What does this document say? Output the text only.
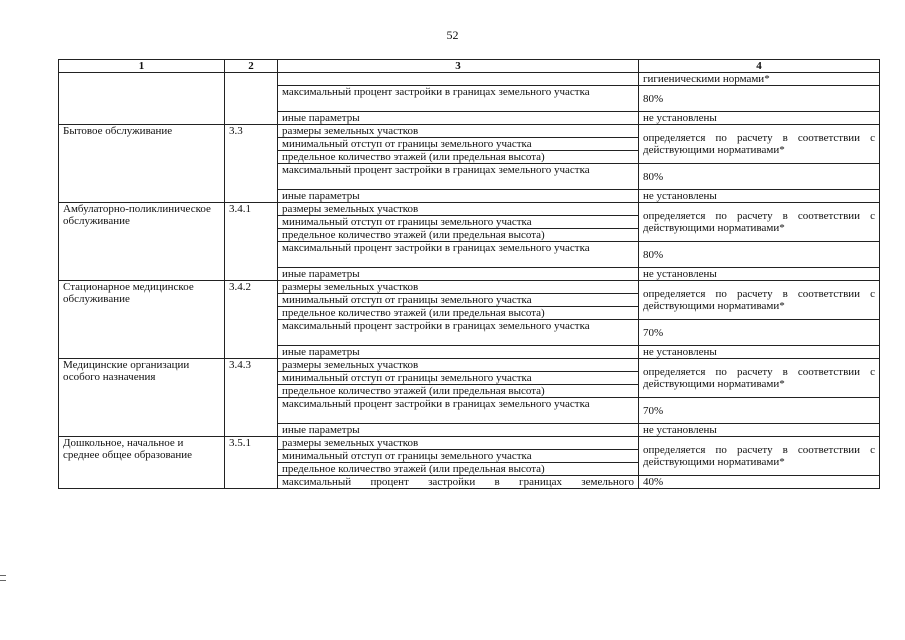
52
1	2	3	4
			гигиеническими нормами*
		максимальный процент застройки в границах земельного участка	80%
		иные параметры	не установлены
Бытовое обслуживание	3.3	размеры земельных участков	определяется по расчету в соответствии с действующими нормативами*
		минимальный отступ от границы земельного участка	
		предельное количество этажей (или предельная высота)	
		максимальный процент застройки в границах земельного участка	80%
		иные параметры	не установлены
Амбулаторно-поликлиническое обслуживание	3.4.1	размеры земельных участков	определяется по расчету в соответствии с действующими нормативами*
		минимальный отступ от границы земельного участка	
		предельное количество этажей (или предельная высота)	
		максимальный процент застройки в границах земельного участка	80%
		иные параметры	не установлены
Стационарное медицинское обслуживание	3.4.2	размеры земельных участков	определяется по расчету в соответствии с действующими нормативами*
		минимальный отступ от границы земельного участка	
		предельное количество этажей (или предельная высота)	
		максимальный процент застройки в границах земельного участка	70%
		иные параметры	не установлены
Медицинские организации особого назначения	3.4.3	размеры земельных участков	определяется по расчету в соответствии с действующими нормативами*
		минимальный отступ от границы земельного участка	
		предельное количество этажей (или предельная высота)	
		максимальный процент застройки в границах земельного участка	70%
		иные параметры	не установлены
Дошкольное, начальное и среднее общее образование	3.5.1	размеры земельных участков	определяется по расчету в соответствии с действующими нормативами*
		минимальный отступ от границы земельного участка	
		предельное количество этажей (или предельная высота)	
		максимальный процент застройки в границах земельного	40%
